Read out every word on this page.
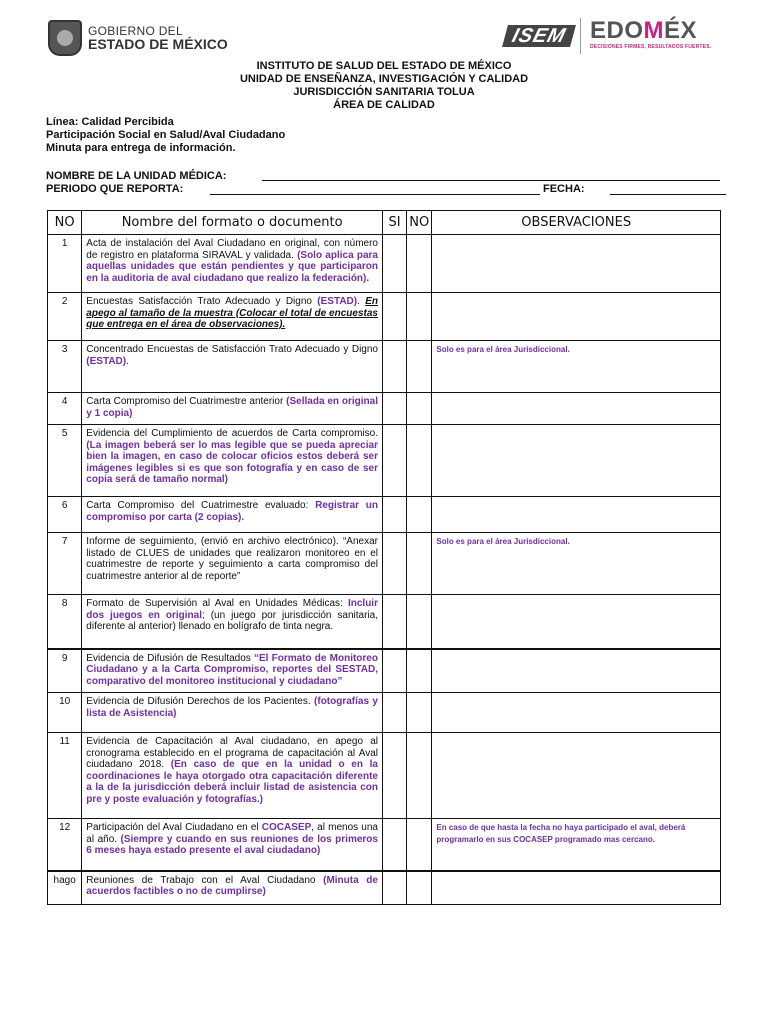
GOBIERNO DEL
ESTADO DE MÉXICO	ISEM EDOMÉX
DECISIONES FIRMES, RESULTADOS FUERTES.
INSTITUTO DE SALUD DEL ESTADO DE MÉXICO
UNIDAD DE ENSEÑANZA, INVESTIGACIÓN Y CALIDAD
JURISDICCIÓN SANITARIA TOLUA
ÁREA DE CALIDAD
Línea: Calidad Percibida
Participación Social en Salud/Aval Ciudadano
Minuta para entrega de información.
NOMBRE DE LA UNIDAD MÉDICA:
PERIODO QUE REPORTA:	FECHA:
NO	Nombre del formato o documento	SI	NO	OBSERVACIONES
1	Acta de instalación del Aval Ciudadano en original, con número de registro en plataforma SIRAVAL y validada. (Solo aplica para aquellas unidades que están pendientes y que participaron en la auditoria de aval ciudadano que realizo la federación).			
2	Encuestas Satisfacción Trato Adecuado y Digno (ESTAD). En apego al tamaño de la muestra (Colocar el total de encuestas que entrega en el área de observaciones).			
3	Concentrado Encuestas de Satisfacción Trato Adecuado y Digno (ESTAD).			Solo es para el área Jurisdiccional.
4	Carta Compromiso del Cuatrimestre anterior (Sellada en original y 1 copia)			
5	Evidencia del Cumplimiento de acuerdos de Carta compromiso. (La imagen beberá ser lo mas legible que se pueda apreciar bien la imagen, en caso de colocar oficios estos deberá ser imágenes legibles si es que son fotografía y en caso de ser copia será de tamaño normal)			
6	Carta Compromiso del Cuatrimestre evaluado: Registrar un compromiso por carta (2 copias).			
7	Informe de seguimiento, (envió en archivo electrónico). “Anexar listado de CLUES de unidades que realizaron monitoreo en el cuatrimestre de reporte y seguimiento a carta compromiso del cuatrimestre anterior al de reporte”			Solo es para el área Jurisdiccional.
8	Formato de Supervisión al Aval en Unidades Médicas: Incluir dos juegos en original; (un juego por jurisdicción sanitaria, diferente al anterior) llenado en bolígrafo de tinta negra.			
9	Evidencia de Difusión de Resultados “El Formato de Monitoreo Ciudadano y a la Carta Compromiso, reportes del SESTAD, comparativo del monitoreo institucional y ciudadano”			
10	Evidencia de Difusión Derechos de los Pacientes. (fotografías y lista de Asistencia)			
11	Evidencia de Capacitación al Aval ciudadano, en apego al cronograma establecido en el programa de capacitación al Aval ciudadano 2018. (En caso de que en la unidad o en la coordinaciones le haya otorgado otra capacitación diferente a la de la jurisdicción deberá incluir listad de asistencia con pre y poste evaluación y fotografías.)			
12	Participación del Aval Ciudadano en el COCASEP, al menos una al año. (Siempre y cuando en sus reuniones de los primeros 6 meses haya estado presente el aval ciudadano)			En caso de que hasta la fecha no haya participado el aval, deberá programarlo en sus COCASEP programado mas cercano.
hago	Reuniones de Trabajo con el Aval Ciudadano (Minuta de acuerdos factibles o no de cumplirse)			
